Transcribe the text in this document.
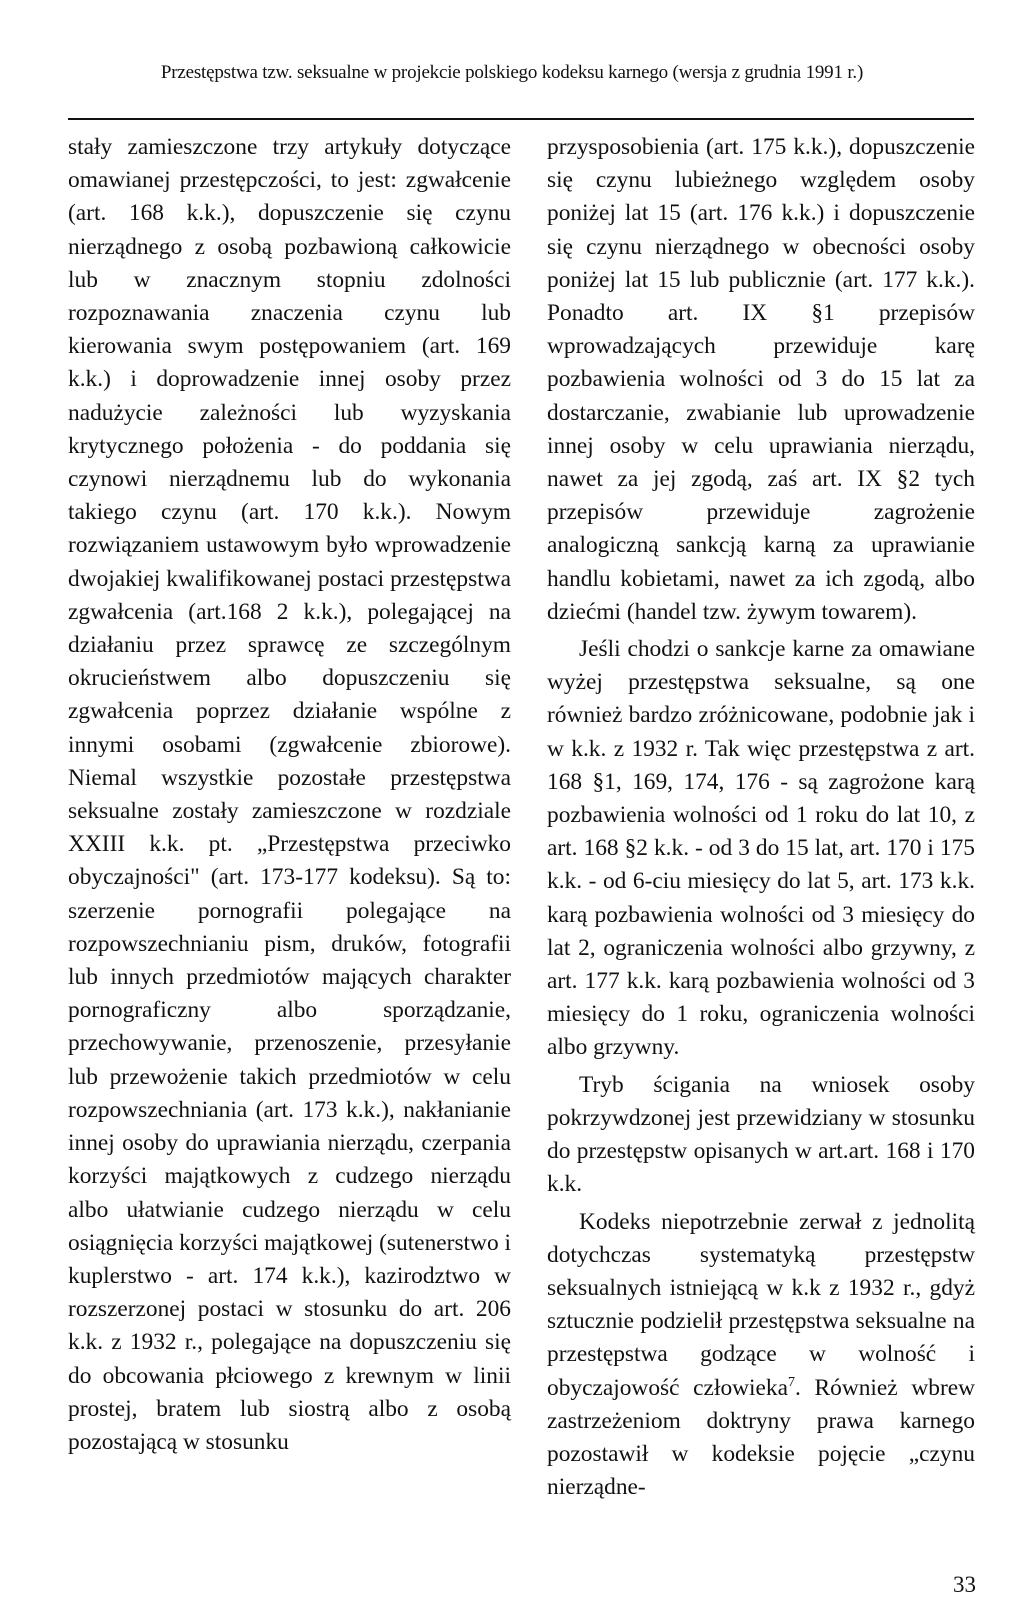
Przestępstwa tzw. seksualne w projekcie polskiego kodeksu karnego (wersja z grudnia 1991 r.)

stały zamieszczone trzy artykuły dotyczące omawianej przestępczości, to jest: zgwałcenie (art. 168 k.k.), dopuszczenie się czynu nierządnego z osobą pozbawioną całkowicie lub w znacznym stopniu zdolności rozpoznawania znaczenia czynu lub kierowania swym postępowaniem (art. 169 k.k.) i doprowadzenie innej osoby przez nadużycie zależności lub wyzyskania krytycznego położenia - do poddania się czynowi nierządnemu lub do wykonania takiego czynu (art. 170 k.k.). Nowym rozwiązaniem ustawowym było wprowadzenie dwojakiej kwalifikowanej postaci przestępstwa zgwałcenia (art.168 2 k.k.), polegającej na działaniu przez sprawcę ze szczególnym okrucieństwem albo dopuszczeniu się zgwałcenia poprzez działanie wspólne z innymi osobami (zgwałcenie zbiorowe). Niemal wszystkie pozostałe przestępstwa seksualne zostały zamieszczone w rozdziale XXIII k.k. pt. „Przestępstwa przeciwko obyczajności" (art. 173-177 kodeksu). Są to: szerzenie pornografii polegające na rozpowszechnianiu pism, druków, fotografii lub innych przedmiotów mających charakter pornograficzny albo sporządzanie, przechowywanie, przenoszenie, przesyłanie lub przewożenie takich przedmiotów w celu rozpowszechniania (art. 173 k.k.), nakłanianie innej osoby do uprawiania nierządu, czerpania korzyści majątkowych z cudzego nierządu albo ułatwianie cudzego nierządu w celu osiągnięcia korzyści majątkowej (sutenerstwo i kuplerstwo - art. 174 k.k.), kazirodztwo w rozszerzonej postaci w stosunku do art. 206 k.k. z 1932 r., polegające na dopuszczeniu się do obcowania płciowego z krewnym w linii prostej, bratem lub siostrą albo z osobą pozostającą w stosunku

przysposobienia (art. 175 k.k.), dopuszczenie się czynu lubieżnego względem osoby poniżej lat 15 (art. 176 k.k.) i dopuszczenie się czynu nierządnego w obecności osoby poniżej lat 15 lub publicznie (art. 177 k.k.). Ponadto art. IX §1 przepisów wprowadzających przewiduje karę pozbawienia wolności od 3 do 15 lat za dostarczanie, zwabianie lub uprowadzenie innej osoby w celu uprawiania nierządu, nawet za jej zgodą, zaś art. IX §2 tych przepisów przewiduje zagrożenie analogiczną sankcją karną za uprawianie handlu kobietami, nawet za ich zgodą, albo dziećmi (handel tzw. żywym towarem).

Jeśli chodzi o sankcje karne za omawiane wyżej przestępstwa seksualne, są one również bardzo zróżnicowane, podobnie jak i w k.k. z 1932 r. Tak więc przestępstwa z art. 168 §1, 169, 174, 176 - są zagrożone karą pozbawienia wolności od 1 roku do lat 10, z art. 168 §2 k.k. - od 3 do 15 lat, art. 170 i 175 k.k. - od 6-ciu miesięcy do lat 5, art. 173 k.k. karą pozbawienia wolności od 3 miesięcy do lat 2, ograniczenia wolności albo grzywny, z art. 177 k.k. karą pozbawienia wolności od 3 miesięcy do 1 roku, ograniczenia wolności albo grzywny.

Tryb ścigania na wniosek osoby pokrzywdzonej jest przewidziany w stosunku do przestępstw opisanych w art.art. 168 i 170 k.k.

Kodeks niepotrzebnie zerwał z jednolitą dotychczas systematyką przestępstw seksualnych istniejącą w k.k z 1932 r., gdyż sztucznie podzielił przestępstwa seksualne na przestępstwa godzące w wolność i obyczajowość człowieka$^7$. Również wbrew zastrzeżeniom doktryny prawa karnego pozostawił w kodeksie pojęcie „czynu nierządne-

33
